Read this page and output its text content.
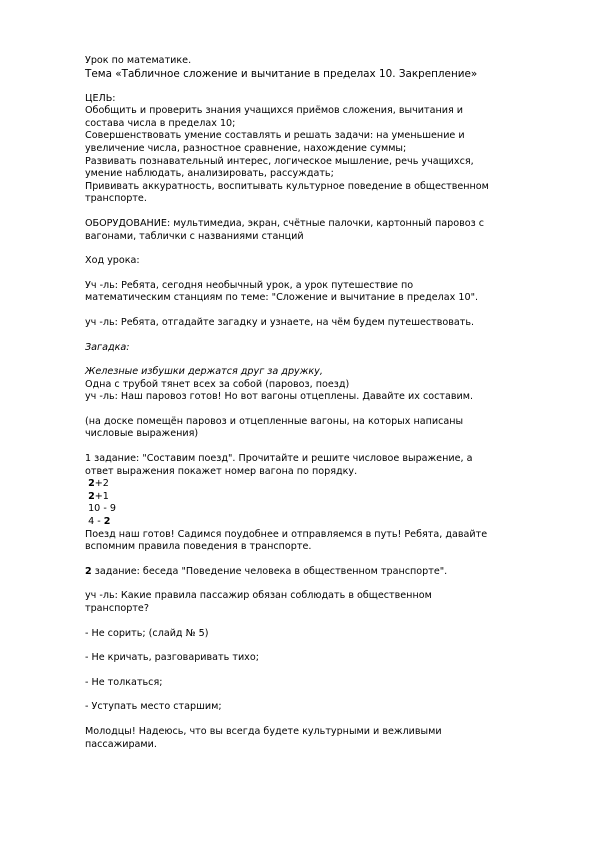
Урок по математике.

Тема «Табличное сложение и вычитание в пределах 10. Закрепление»

ЦЕЛЬ:

Обобщить и проверить знания учащихся приёмов сложения, вычитания и

состава числа в пределах 10;

Совершенствовать умение составлять и решать задачи: на уменьшение и

увеличение числа, разностное сравнение, нахождение суммы;

Развивать познавательный интерес, логическое мышление, речь учащихся,

умение наблюдать, анализировать, рассуждать;

Прививать аккуратность, воспитывать культурное поведение в общественном

транспорте.

ОБОРУДОВАНИЕ: мультимедиа, экран, счётные палочки, картонный паровоз с

вагонами, таблички с названиями станций

Ход урока:

Уч -ль: Ребята, сегодня необычный урок, а урок путешествие по

математическим станциям по теме: "Сложение и вычитание в пределах 10".

уч -ль: Ребята, отгадайте загадку и узнаете, на чём будем путешествовать.

Загадка:

Железные избушки держатся друг за дружку,

Одна с трубой тянет всех за собой (паровоз, поезд)

уч -ль: Наш паровоз готов! Но вот вагоны отцеплены. Давайте их составим.

(на доске помещён паровоз и отцепленные вагоны, на которых написаны

числовые выражения)

1 задание: "Составим поезд". Прочитайте и решите числовое выражение, а

ответ выражения покажет номер вагона по порядку.

2+2

2+1

10 - 9

4 - 2

Поезд наш готов! Садимся поудобнее и отправляемся в путь! Ребята, давайте

вспомним правила поведения в транспорте.

2 задание: беседа "Поведение человека в общественном транспорте".

уч -ль: Какие правила пассажир обязан соблюдать в общественном

транспорте?

- Не сорить; (слайд № 5)

- Не кричать, разговаривать тихо;

- Не толкаться;

- Уступать место старшим;

Молодцы! Надеюсь, что вы всегда будете культурными и вежливыми

пассажирами.
